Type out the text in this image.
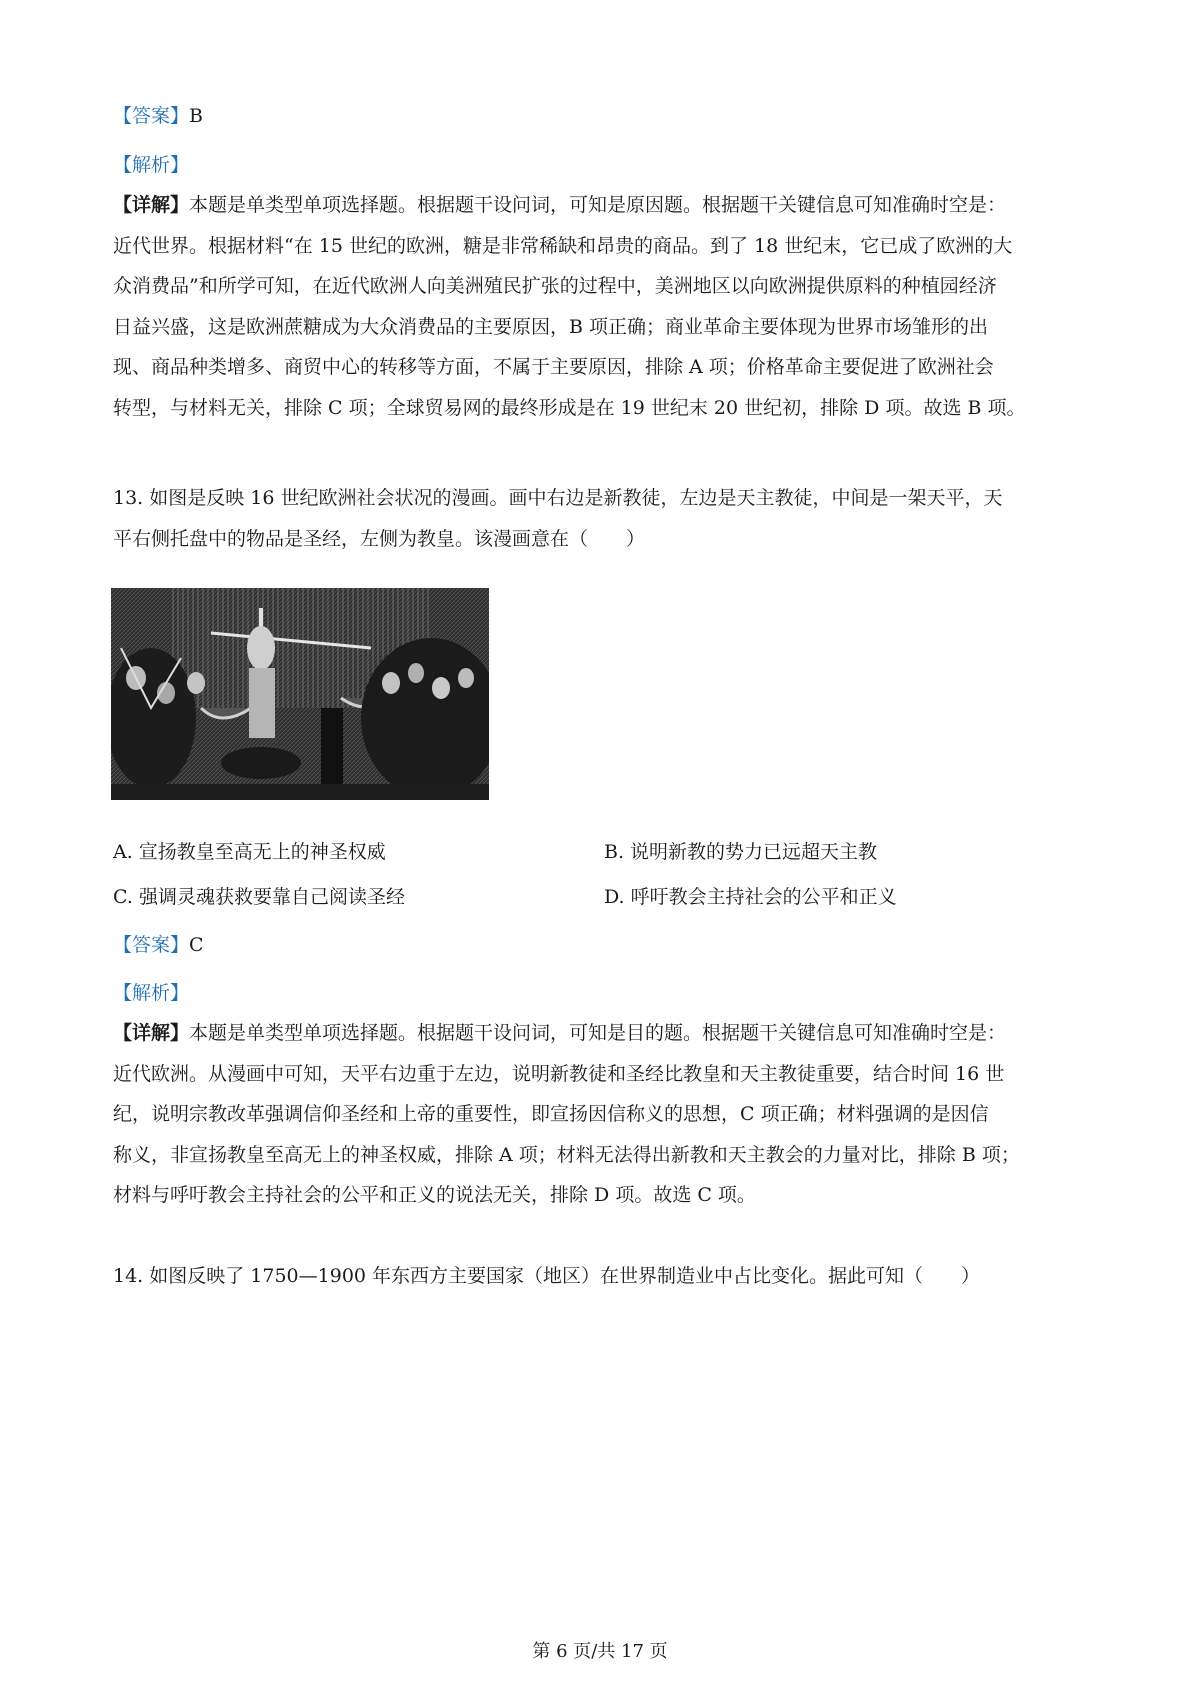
【答案】B
【解析】
【详解】本题是单类型单项选择题。根据题干设问词，可知是原因题。根据题干关键信息可知准确时空是：
近代世界。根据材料“在 15 世纪的欧洲，糖是非常稀缺和昂贵的商品。到了 18 世纪末，它已成了欧洲的大
众消费品”和所学可知，在近代欧洲人向美洲殖民扩张的过程中，美洲地区以向欧洲提供原料的种植园经济
日益兴盛，这是欧洲蔗糖成为大众消费品的主要原因，B 项正确；商业革命主要体现为世界市场雏形的出
现、商品种类增多、商贸中心的转移等方面，不属于主要原因，排除 A 项；价格革命主要促进了欧洲社会
转型，与材料无关，排除 C 项；全球贸易网的最终形成是在 19 世纪末 20 世纪初，排除 D 项。故选 B 项。
13. 如图是反映 16 世纪欧洲社会状况的漫画。画中右边是新教徒，左边是天主教徒，中间是一架天平，天
平右侧托盘中的物品是圣经，左侧为教皇。该漫画意在（　　）
A. 宣扬教皇至高无上的神圣权威	B. 说明新教的势力已远超天主教
C. 强调灵魂获救要靠自己阅读圣经	D. 呼吁教会主持社会的公平和正义
【答案】C
【解析】
【详解】本题是单类型单项选择题。根据题干设问词，可知是目的题。根据题干关键信息可知准确时空是：
近代欧洲。从漫画中可知，天平右边重于左边，说明新教徒和圣经比教皇和天主教徒重要，结合时间 16 世
纪，说明宗教改革强调信仰圣经和上帝的重要性，即宣扬因信称义的思想，C 项正确；材料强调的是因信
称义，非宣扬教皇至高无上的神圣权威，排除 A 项；材料无法得出新教和天主教会的力量对比，排除 B 项；
材料与呼吁教会主持社会的公平和正义的说法无关，排除 D 项。故选 C 项。
14. 如图反映了 1750—1900 年东西方主要国家（地区）在世界制造业中占比变化。据此可知（　　）
第 6 页/共 17 页
